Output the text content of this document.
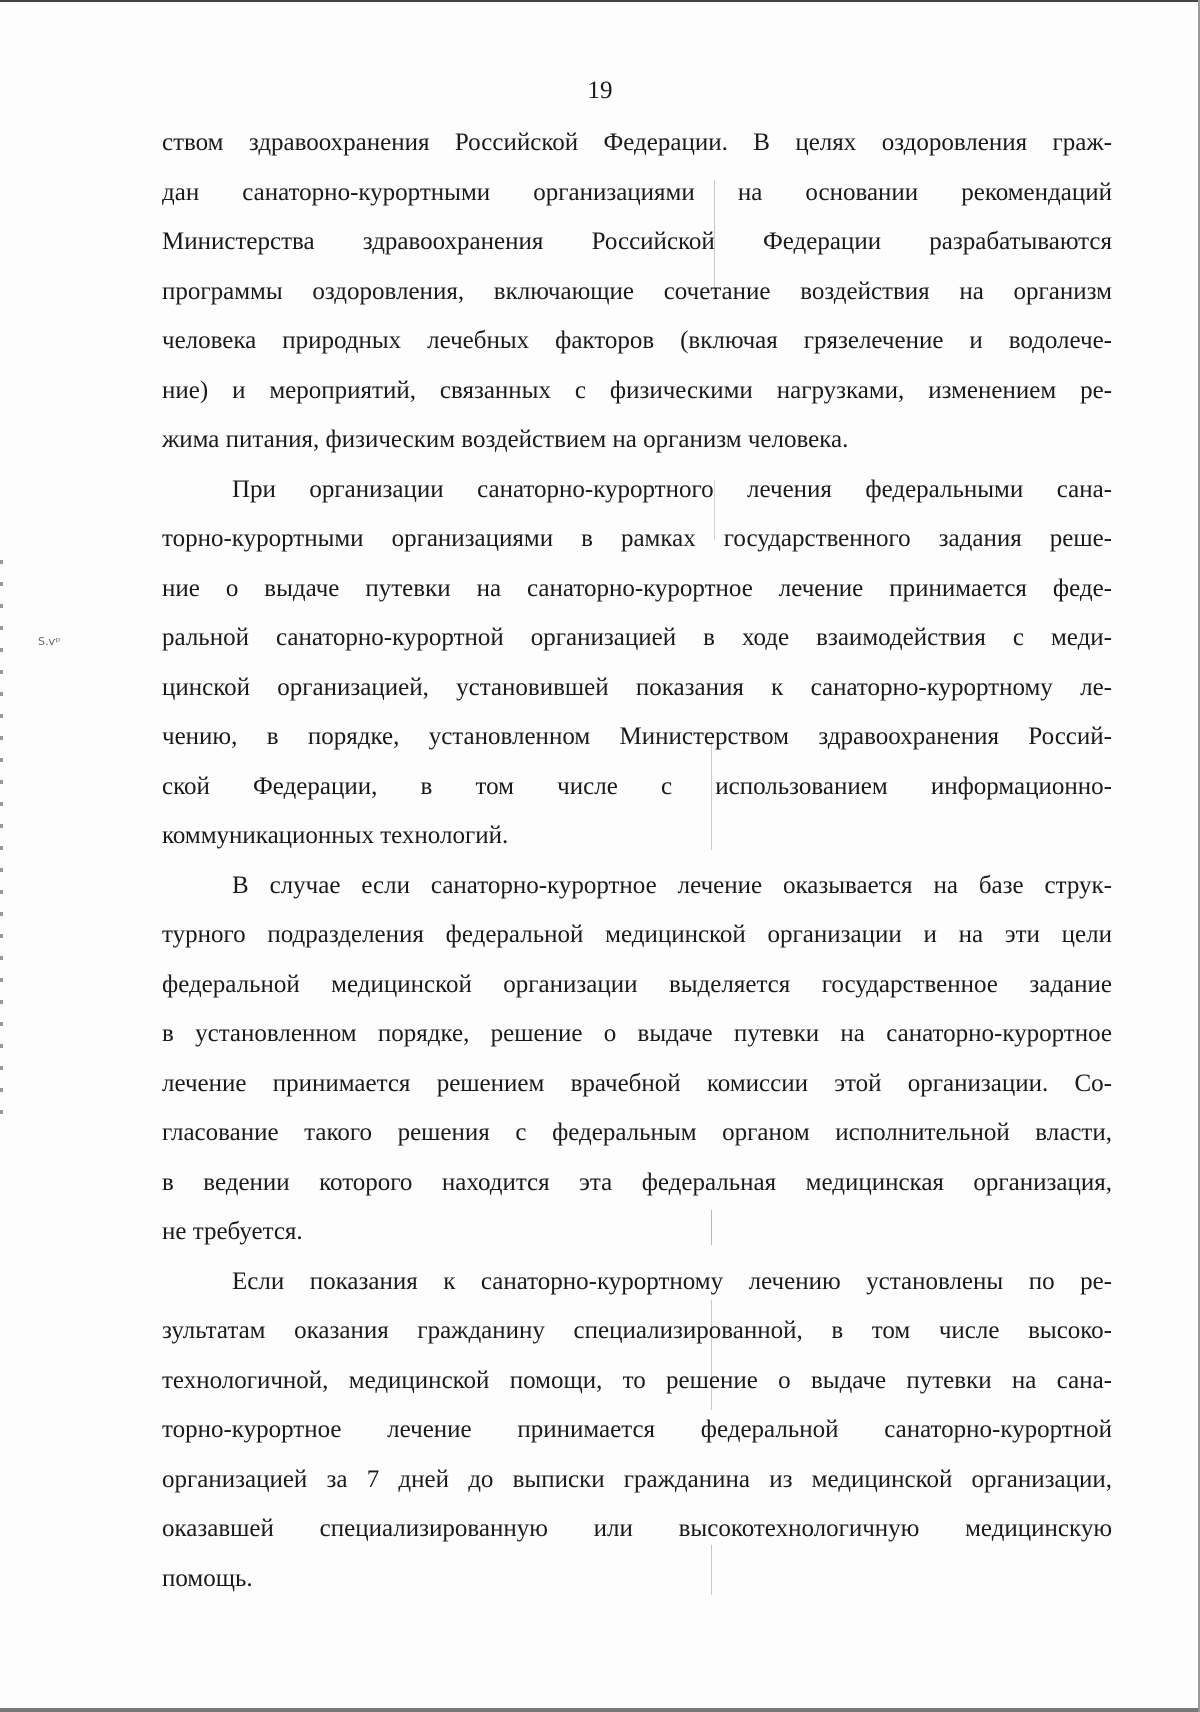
19
Ѕ.ѵᵖ
ством здравоохранения Российской Федерации. В целях оздоровления граж-
дан санаторно-курортными организациями на основании рекомендаций
Министерства здравоохранения Российской Федерации разрабатываются
программы оздоровления, включающие сочетание воздействия на организм
человека природных лечебных факторов (включая грязелечение и водолече-
ние) и мероприятий, связанных с физическими нагрузками, изменением ре-
жима питания, физическим воздействием на организм человека.
При организации санаторно-курортного лечения федеральными сана-
торно-курортными организациями в рамках государственного задания реше-
ние о выдаче путевки на санаторно-курортное лечение принимается феде-
ральной санаторно-курортной организацией в ходе взаимодействия с меди-
цинской организацией, установившей показания к санаторно-курортному ле-
чению, в порядке, установленном Министерством здравоохранения Россий-
ской Федерации, в том числе с использованием информационно-
коммуникационных технологий.
В случае если санаторно-курортное лечение оказывается на базе струк-
турного подразделения федеральной медицинской организации и на эти цели
федеральной медицинской организации выделяется государственное задание
в установленном порядке, решение о выдаче путевки на санаторно-курортное
лечение принимается решением врачебной комиссии этой организации. Со-
гласование такого решения с федеральным органом исполнительной власти,
в ведении которого находится эта федеральная медицинская организация,
не требуется.
Если показания к санаторно-курортному лечению установлены по ре-
зультатам оказания гражданину специализированной, в том числе высоко-
технологичной, медицинской помощи, то решение о выдаче путевки на сана-
торно-курортное лечение принимается федеральной санаторно-курортной
организацией за 7 дней до выписки гражданина из медицинской организации,
оказавшей специализированную или высокотехнологичную медицинскую
помощь.
